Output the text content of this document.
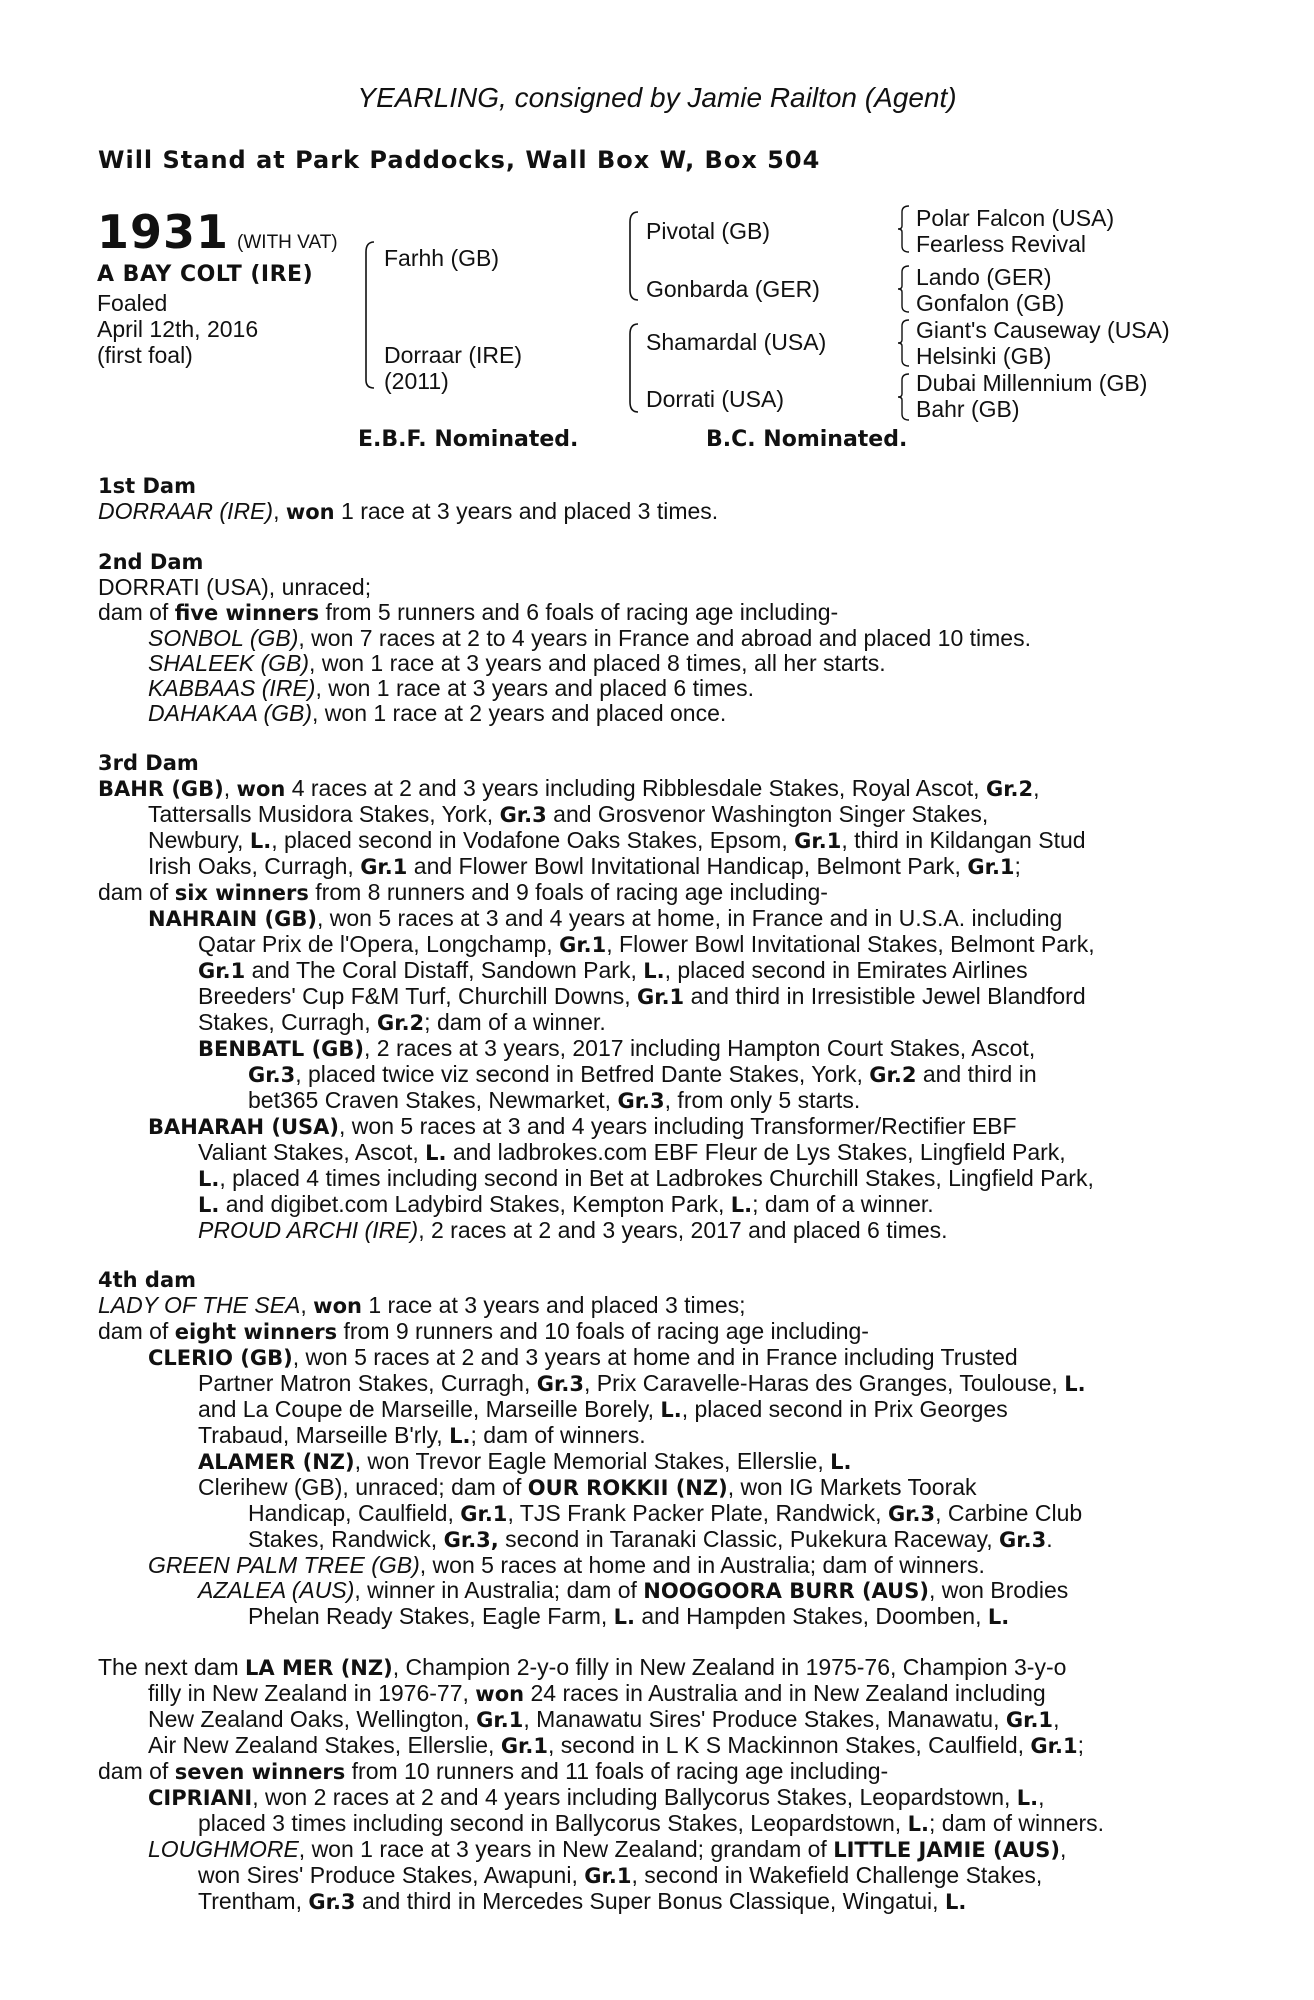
YEARLING, consigned by Jamie Railton (Agent)
Will Stand at Park Paddocks, Wall Box W, Box 504
1931 (WITH VAT)
A BAY COLT (IRE)
Foaled
April 12th, 2016
(first foal)
Farhh (GB)
Dorraar (IRE)
(2011)
Pivotal (GB)
Gonbarda (GER)
Shamardal (USA)
Dorrati (USA)
Polar Falcon (USA)
Fearless Revival
Lando (GER)
Gonfalon (GB)
Giant's Causeway (USA)
Helsinki (GB)
Dubai Millennium (GB)
Bahr (GB)
E.B.F. Nominated.	B.C. Nominated.
1st Dam
DORRAAR (IRE), won 1 race at 3 years and placed 3 times.
2nd Dam
DORRATI (USA), unraced;
dam of five winners from 5 runners and 6 foals of racing age including-
SONBOL (GB), won 7 races at 2 to 4 years in France and abroad and placed 10 times.
SHALEEK (GB), won 1 race at 3 years and placed 8 times, all her starts.
KABBAAS (IRE), won 1 race at 3 years and placed 6 times.
DAHAKAA (GB), won 1 race at 2 years and placed once.
3rd Dam
BAHR (GB), won 4 races at 2 and 3 years including Ribblesdale Stakes, Royal Ascot, Gr.2,
Tattersalls Musidora Stakes, York, Gr.3 and Grosvenor Washington Singer Stakes,
Newbury, L., placed second in Vodafone Oaks Stakes, Epsom, Gr.1, third in Kildangan Stud
Irish Oaks, Curragh, Gr.1 and Flower Bowl Invitational Handicap, Belmont Park, Gr.1;
dam of six winners from 8 runners and 9 foals of racing age including-
NAHRAIN (GB), won 5 races at 3 and 4 years at home, in France and in U.S.A. including
Qatar Prix de l'Opera, Longchamp, Gr.1, Flower Bowl Invitational Stakes, Belmont Park,
Gr.1 and The Coral Distaff, Sandown Park, L., placed second in Emirates Airlines
Breeders' Cup F&M Turf, Churchill Downs, Gr.1 and third in Irresistible Jewel Blandford
Stakes, Curragh, Gr.2; dam of a winner.
BENBATL (GB), 2 races at 3 years, 2017 including Hampton Court Stakes, Ascot,
Gr.3, placed twice viz second in Betfred Dante Stakes, York, Gr.2 and third in
bet365 Craven Stakes, Newmarket, Gr.3, from only 5 starts.
BAHARAH (USA), won 5 races at 3 and 4 years including Transformer/Rectifier EBF
Valiant Stakes, Ascot, L. and ladbrokes.com EBF Fleur de Lys Stakes, Lingfield Park,
L., placed 4 times including second in Bet at Ladbrokes Churchill Stakes, Lingfield Park,
L. and digibet.com Ladybird Stakes, Kempton Park, L.; dam of a winner.
PROUD ARCHI (IRE), 2 races at 2 and 3 years, 2017 and placed 6 times.
4th dam
LADY OF THE SEA, won 1 race at 3 years and placed 3 times;
dam of eight winners from 9 runners and 10 foals of racing age including-
CLERIO (GB), won 5 races at 2 and 3 years at home and in France including Trusted
Partner Matron Stakes, Curragh, Gr.3, Prix Caravelle-Haras des Granges, Toulouse, L.
and La Coupe de Marseille, Marseille Borely, L., placed second in Prix Georges
Trabaud, Marseille B'rly, L.; dam of winners.
ALAMER (NZ), won Trevor Eagle Memorial Stakes, Ellerslie, L.
Clerihew (GB), unraced; dam of OUR ROKKII (NZ), won IG Markets Toorak
Handicap, Caulfield, Gr.1, TJS Frank Packer Plate, Randwick, Gr.3, Carbine Club
Stakes, Randwick, Gr.3, second in Taranaki Classic, Pukekura Raceway, Gr.3.
GREEN PALM TREE (GB), won 5 races at home and in Australia; dam of winners.
AZALEA (AUS), winner in Australia; dam of NOOGOORA BURR (AUS), won Brodies
Phelan Ready Stakes, Eagle Farm, L. and Hampden Stakes, Doomben, L.
The next dam LA MER (NZ), Champion 2-y-o filly in New Zealand in 1975-76, Champion 3-y-o
filly in New Zealand in 1976-77, won 24 races in Australia and in New Zealand including
New Zealand Oaks, Wellington, Gr.1, Manawatu Sires' Produce Stakes, Manawatu, Gr.1,
Air New Zealand Stakes, Ellerslie, Gr.1, second in L K S Mackinnon Stakes, Caulfield, Gr.1;
dam of seven winners from 10 runners and 11 foals of racing age including-
CIPRIANI, won 2 races at 2 and 4 years including Ballycorus Stakes, Leopardstown, L.,
placed 3 times including second in Ballycorus Stakes, Leopardstown, L.; dam of winners.
LOUGHMORE, won 1 race at 3 years in New Zealand; grandam of LITTLE JAMIE (AUS),
won Sires' Produce Stakes, Awapuni, Gr.1, second in Wakefield Challenge Stakes,
Trentham, Gr.3 and third in Mercedes Super Bonus Classique, Wingatui, L.
